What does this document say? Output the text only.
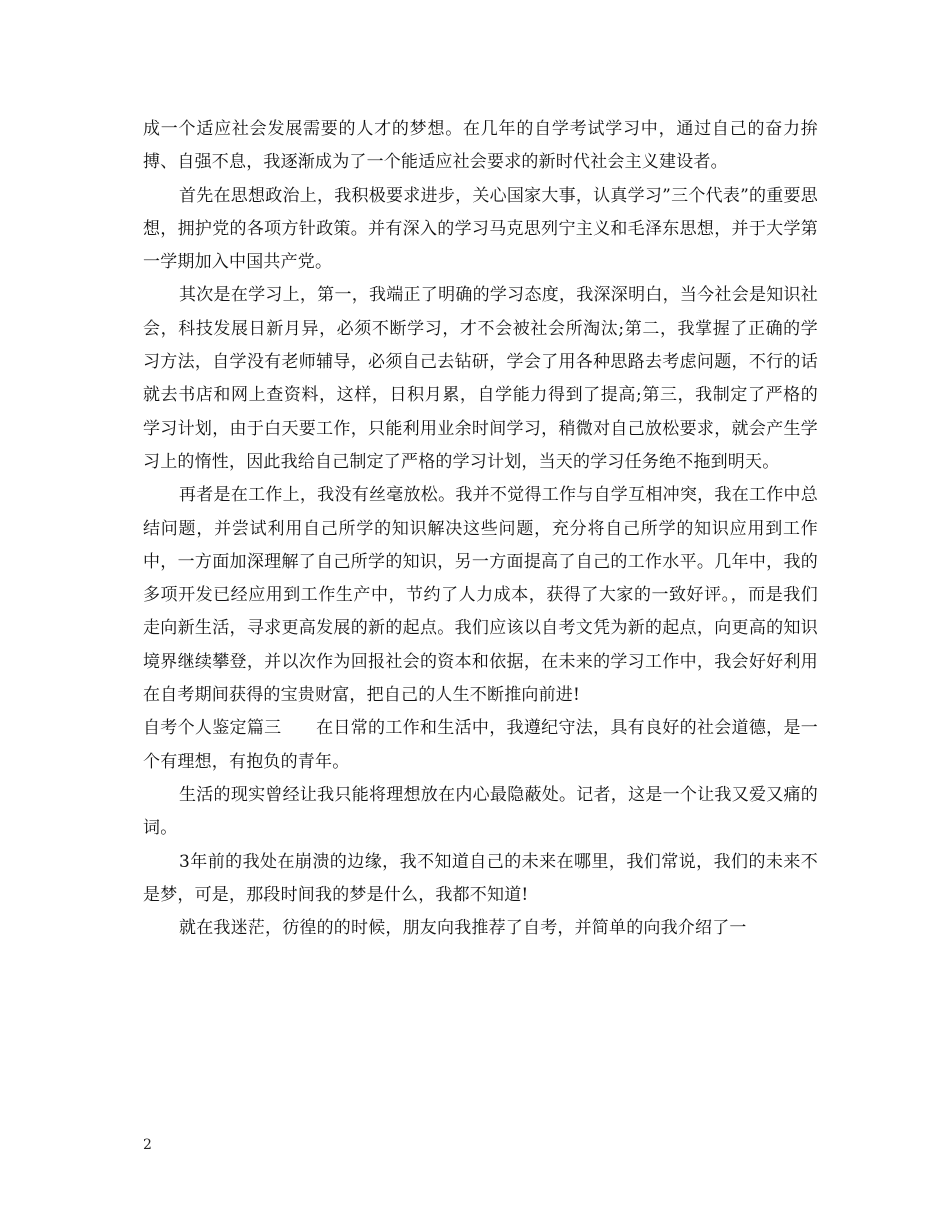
成一个适应社会发展需要的人才的梦想。在几年的自学考试学习中，通过自己的奋力拚搏、自强不息，我逐渐成为了一个能适应社会要求的新时代社会主义建设者。

首先在思想政治上，我积极要求进步，关心国家大事，认真学习”三个代表”的重要思想，拥护党的各项方针政策。并有深入的学习马克思列宁主义和毛泽东思想，并于大学第一学期加入中国共产党。

其次是在学习上，第一，我端正了明确的学习态度，我深深明白，当今社会是知识社会，科技发展日新月异，必须不断学习，才不会被社会所淘汰;第二，我掌握了正确的学习方法，自学没有老师辅导，必须自己去钻研，学会了用各种思路去考虑问题，不行的话就去书店和网上查资料，这样，日积月累，自学能力得到了提高;第三，我制定了严格的学习计划，由于白天要工作，只能利用业余时间学习，稍微对自己放松要求，就会产生学习上的惰性，因此我给自己制定了严格的学习计划，当天的学习任务绝不拖到明天。

再者是在工作上，我没有丝毫放松。我并不觉得工作与自学互相冲突，我在工作中总结问题，并尝试利用自己所学的知识解决这些问题，充分将自己所学的知识应用到工作中，一方面加深理解了自己所学的知识，另一方面提高了自己的工作水平。几年中，我的多项开发已经应用到工作生产中，节约了人力成本，获得了大家的一致好评。，而是我们走向新生活，寻求更高发展的新的起点。我们应该以自考文凭为新的起点，向更高的知识境界继续攀登，并以次作为回报社会的资本和依据，在未来的学习工作中，我会好好利用在自考期间获得的宝贵财富，把自己的人生不断推向前进!

自考个人鉴定篇三　　在日常的工作和生活中，我遵纪守法，具有良好的社会道德，是一个有理想，有抱负的青年。

生活的现实曾经让我只能将理想放在内心最隐蔽处。记者，这是一个让我又爱又痛的词。

3年前的我处在崩溃的边缘，我不知道自己的未来在哪里，我们常说，我们的未来不是梦，可是，那段时间我的梦是什么，我都不知道!

就在我迷茫，彷徨的的时候，朋友向我推荐了自考，并简单的向我介绍了一

2
